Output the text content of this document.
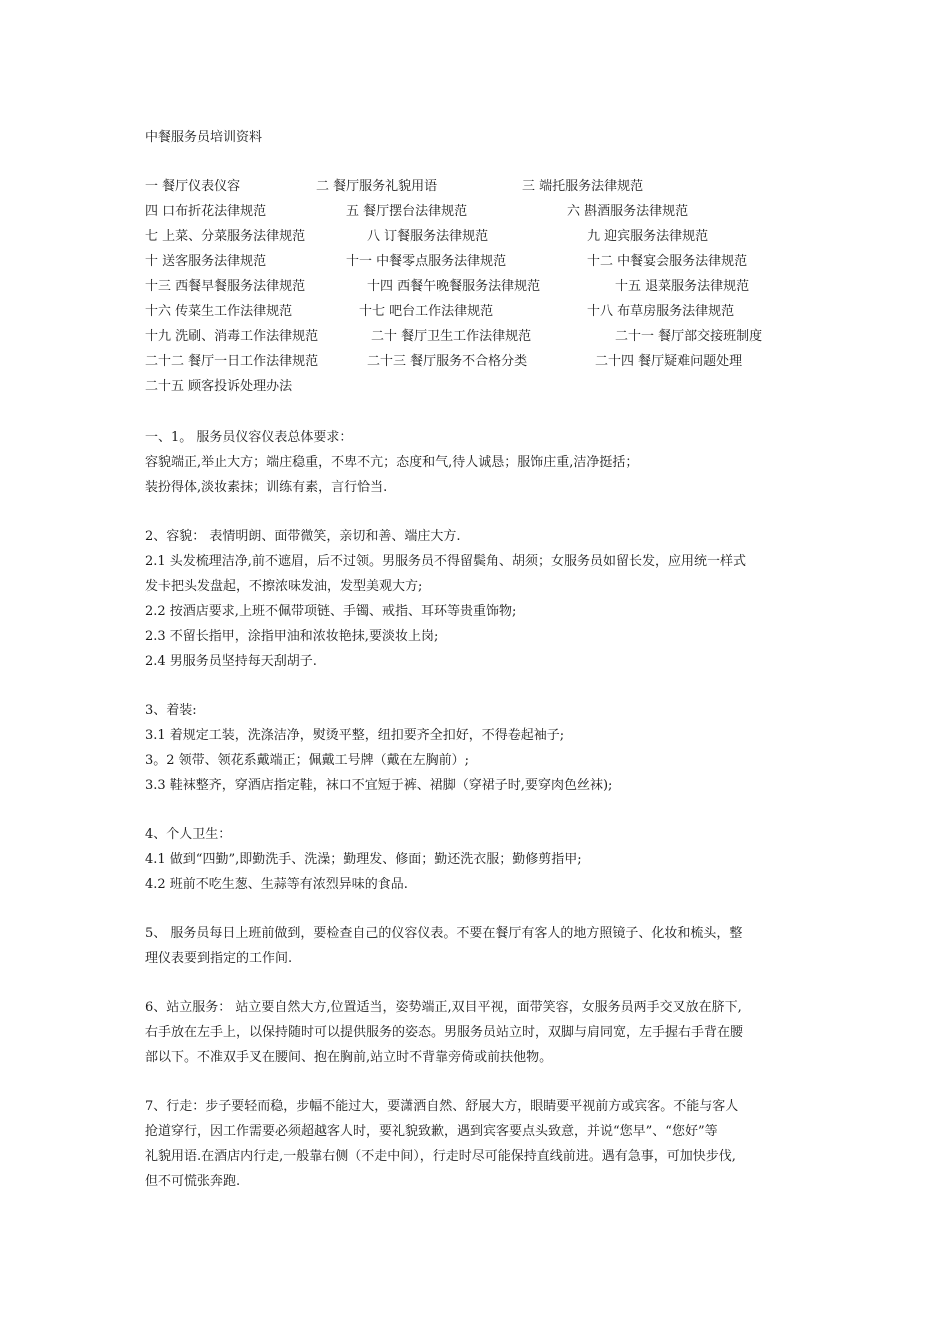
中餐服务员培训资料
一 餐厅仪表仪容	二 餐厅服务礼貌用语	三 端托服务法律规范
四 口布折花法律规范	五 餐厅摆台法律规范	六 斟酒服务法律规范
七 上菜、分菜服务法律规范	八 订餐服务法律规范	九 迎宾服务法律规范
十 送客服务法律规范	十一 中餐零点服务法律规范	十二 中餐宴会服务法律规范
十三 西餐早餐服务法律规范	十四 西餐午晚餐服务法律规范	十五 退菜服务法律规范
十六 传菜生工作法律规范	十七 吧台工作法律规范	十八 布草房服务法律规范
十九 洗刷、消毒工作法律规范	二十 餐厅卫生工作法律规范	二十一 餐厅部交接班制度
二十二 餐厅一日工作法律规范	二十三 餐厅服务不合格分类	二十四 餐厅疑难问题处理
二十五 顾客投诉处理办法

一、1。 服务员仪容仪表总体要求：

容貌端正,举止大方；端庄稳重，不卑不亢；态度和气,待人诚恳；服饰庄重,洁净挺括；

装扮得体,淡妆素抹；训练有素，言行恰当.

2、容貌： 表情明朗、面带微笑，亲切和善、端庄大方.

2.1 头发梳理洁净,前不遮眉，后不过领。男服务员不得留鬓角、胡须；女服务员如留长发，应用统一样式

发卡把头发盘起，不擦浓味发油，发型美观大方;

2.2 按酒店要求,上班不佩带项链、手镯、戒指、耳环等贵重饰物;

2.3 不留长指甲，涂指甲油和浓妆艳抹,要淡妆上岗;

2.4 男服务员坚持每天刮胡子.

3、着装:

3.1 着规定工装，洗涤洁净，熨烫平整，纽扣要齐全扣好，不得卷起袖子;

3。2 领带、领花系戴端正；佩戴工号牌（戴在左胸前）;

3.3 鞋袜整齐，穿酒店指定鞋，袜口不宜短于裤、裙脚（穿裙子时,要穿肉色丝袜);

4、个人卫生：

4.1 做到“四勤”,即勤洗手、洗澡；勤理发、修面；勤还洗衣服；勤修剪指甲;

4.2 班前不吃生葱、生蒜等有浓烈异味的食品.

5、 服务员每日上班前做到，要检查自己的仪容仪表。不要在餐厅有客人的地方照镜子、化妆和梳头，整

理仪表要到指定的工作间.

6、站立服务： 站立要自然大方,位置适当，姿势端正,双目平视，面带笑容，女服务员两手交叉放在脐下,

右手放在左手上，以保持随时可以提供服务的姿态。男服务员站立时，双脚与肩同宽，左手握右手背在腰

部以下。不准双手叉在腰间、抱在胸前,站立时不背靠旁倚或前扶他物。

7、行走：步子要轻而稳，步幅不能过大，要潇洒自然、舒展大方，眼睛要平视前方或宾客。不能与客人

抢道穿行，因工作需要必须超越客人时，要礼貌致歉，遇到宾客要点头致意，并说“您早”、“您好”等

礼貌用语.在酒店内行走,一般靠右侧（不走中间），行走时尽可能保持直线前进。遇有急事，可加快步伐,

但不可慌张奔跑.
